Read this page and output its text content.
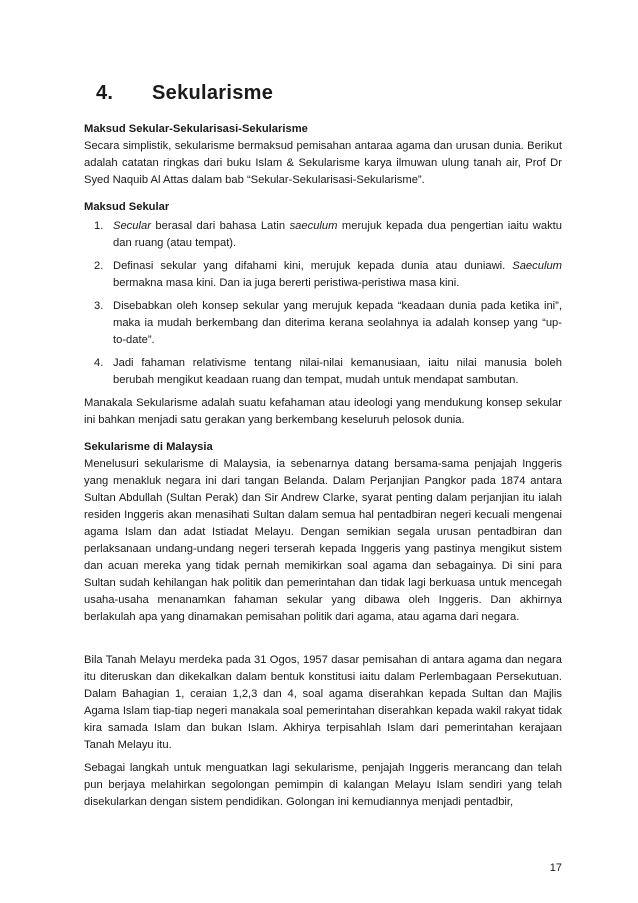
4. Sekularisme

Maksud Sekular-Sekularisasi-Sekularisme

Secara simplistik, sekularisme bermaksud pemisahan antaraa agama dan urusan dunia. Berikut adalah catatan ringkas dari buku Islam & Sekularisme karya ilmuwan ulung tanah air, Prof Dr Syed Naquib Al Attas dalam bab “Sekular-Sekularisasi-Sekularisme”.

Maksud Sekular

1. Secular berasal dari bahasa Latin saeculum merujuk kepada dua pengertian iaitu waktu dan ruang (atau tempat).
2. Definasi sekular yang difahami kini, merujuk kepada dunia atau duniawi. Saeculum bermakna masa kini. Dan ia juga bererti peristiwa-peristiwa masa kini.
3. Disebabkan oleh konsep sekular yang merujuk kepada “keadaan dunia pada ketika ini”, maka ia mudah berkembang dan diterima kerana seolahnya ia adalah konsep yang “up-to-date”.
4. Jadi fahaman relativisme tentang nilai-nilai kemanusiaan, iaitu nilai manusia boleh berubah mengikut keadaan ruang dan tempat, mudah untuk mendapat sambutan.

Manakala Sekularisme adalah suatu kefahaman atau ideologi yang mendukung konsep sekular ini bahkan menjadi satu gerakan yang berkembang keseluruh pelosok dunia.

Sekularisme di Malaysia

Menelusuri sekularisme di Malaysia, ia sebenarnya datang bersama-sama penjajah Inggeris yang menakluk negara ini dari tangan Belanda. Dalam Perjanjian Pangkor pada 1874 antara Sultan Abdullah (Sultan Perak) dan Sir Andrew Clarke, syarat penting dalam perjanjian itu ialah residen Inggeris akan menasihati Sultan dalam semua hal pentadbiran negeri kecuali mengenai agama Islam dan adat Istiadat Melayu. Dengan semikian segala urusan pentadbiran dan perlaksanaan undang-undang negeri terserah kepada Inggeris yang pastinya mengikut sistem dan acuan mereka yang tidak pernah memikirkan soal agama dan sebagainya. Di sini para Sultan sudah kehilangan hak politik dan pemerintahan dan tidak lagi berkuasa untuk mencegah usaha-usaha menanamkan fahaman sekular yang dibawa oleh Inggeris. Dan akhirnya berlakulah apa yang dinamakan pemisahan politik dari agama, atau agama dari negara.

Bila Tanah Melayu merdeka pada 31 Ogos, 1957 dasar pemisahan di antara agama dan negara itu diteruskan dan dikekalkan dalam bentuk konstitusi iaitu dalam Perlembagaan Persekutuan. Dalam Bahagian 1, ceraian 1,2,3 dan 4, soal agama diserahkan kepada Sultan dan Majlis Agama Islam tiap-tiap negeri manakala soal pemerintahan diserahkan kepada wakil rakyat tidak kira samada Islam dan bukan Islam. Akhirya terpisahlah Islam dari pemerintahan kerajaan Tanah Melayu itu.

Sebagai langkah untuk menguatkan lagi sekularisme, penjajah Inggeris merancang dan telah pun berjaya melahirkan segolongan pemimpin di kalangan Melayu Islam sendiri yang telah disekularkan dengan sistem pendidikan. Golongan ini kemudiannya menjadi pentadbir,

17
